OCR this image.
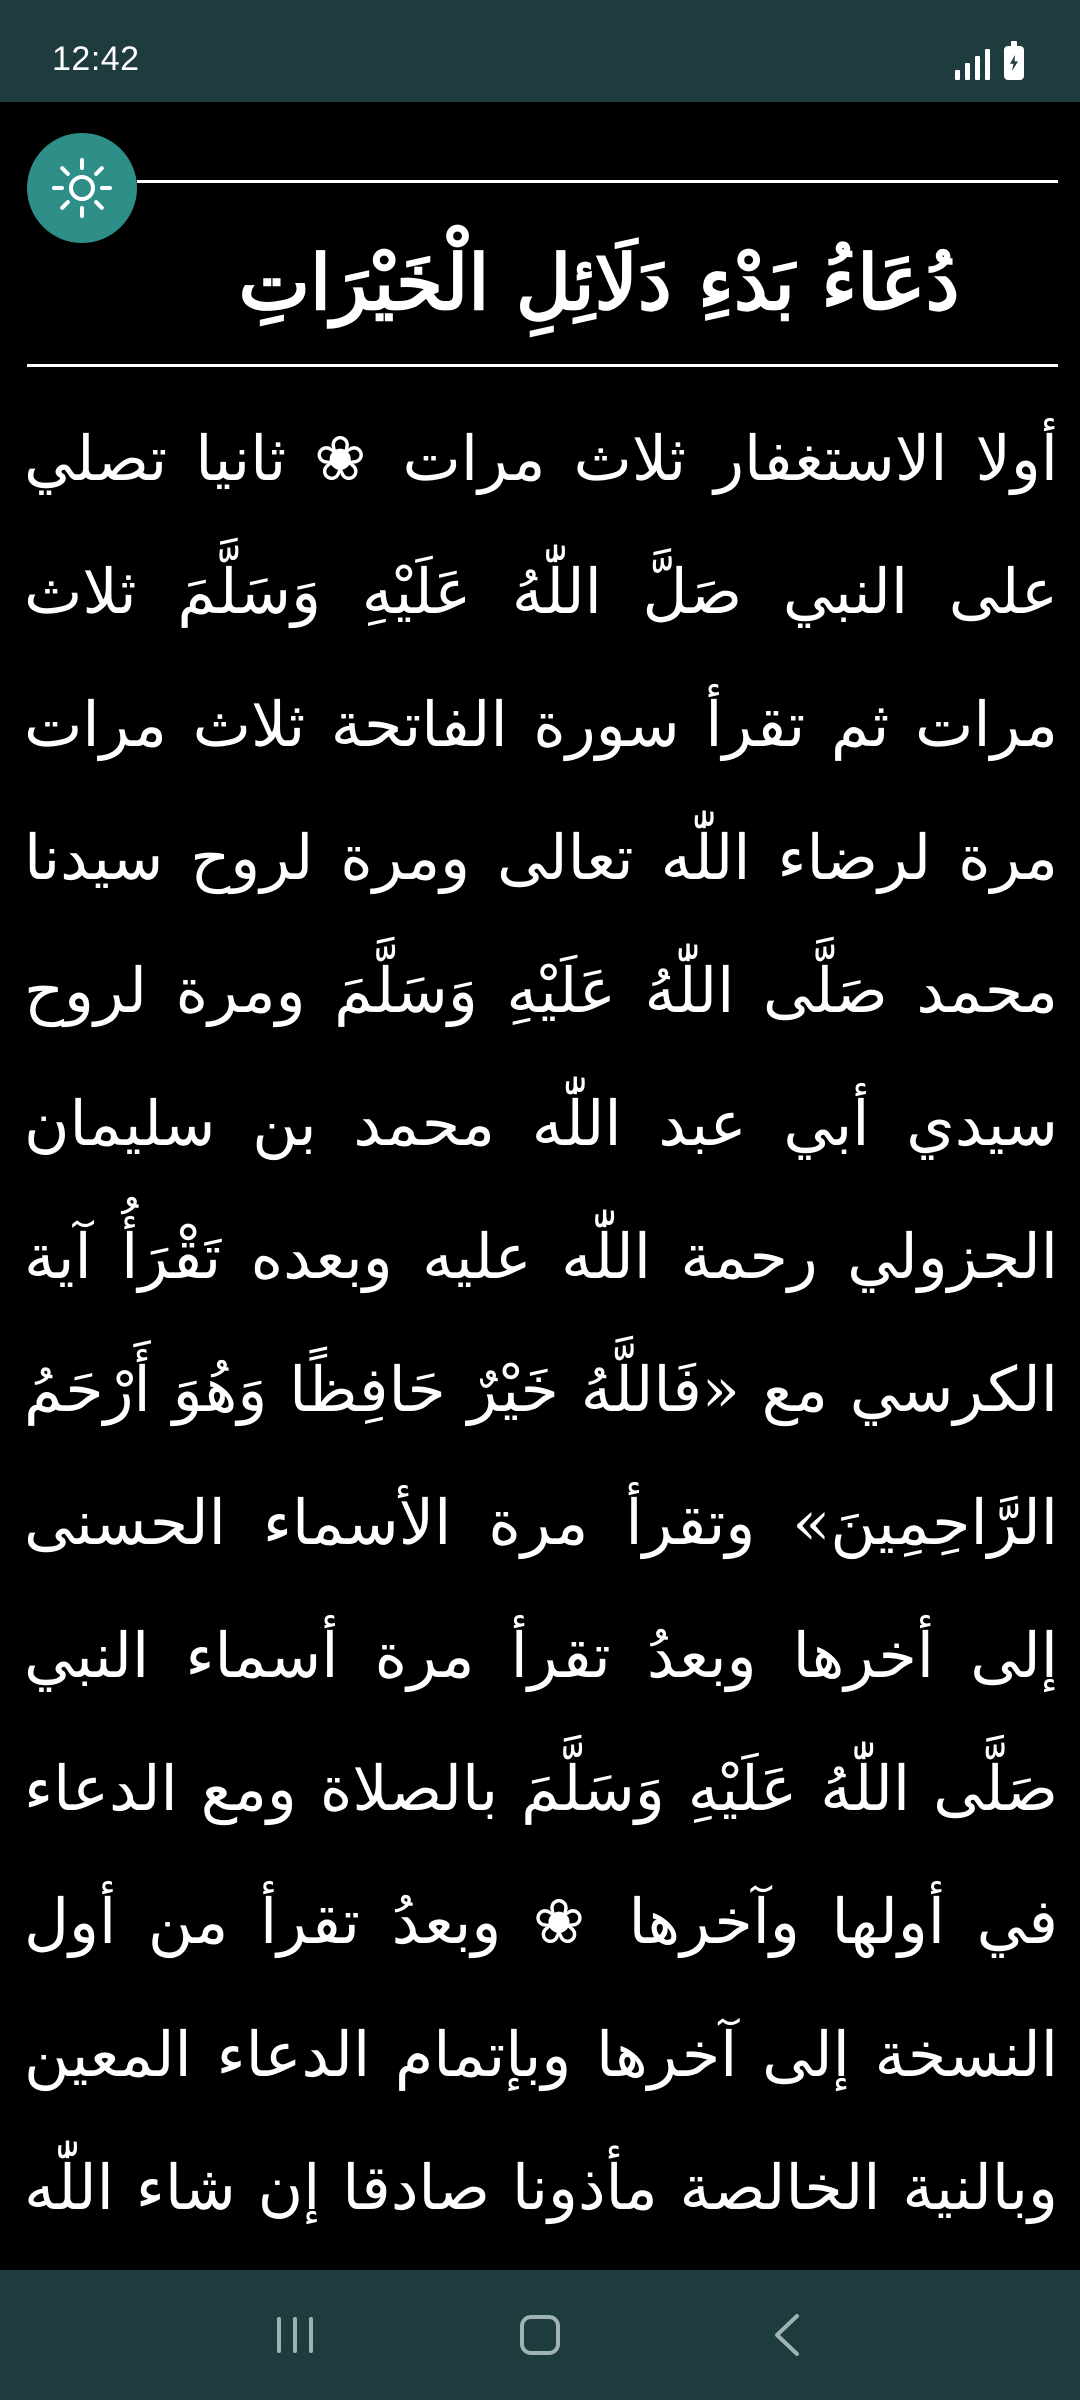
12:42
دُعَاءُ بَدْءِ دَلَائِلِ الْخَيْرَاتِ

أولا الاستغفار ثلاث مرات ❀ ثانيا تصلي على النبي صَلَّ اللّٰهُ عَلَيْهِ وَسَلَّمَ ثلاث مرات ثم تقرأ سورة الفاتحة ثلاث مرات مرة لرضاء اللّٰه تعالى ومرة لروح سيدنا محمد صَلَّى اللّٰهُ عَلَيْهِ وَسَلَّمَ ومرة لروح سيدي أبي عبد اللّٰه محمد بن سليمان الجزولي رحمة اللّٰه عليه وبعده تَقْرَأُ آية الكرسي مع «فَاللَّهُ خَيْرٌ حَافِظًا وَهُوَ أَرْحَمُ الرَّاحِمِينَ» وتقرأ مرة الأسماء الحسنى إلى أخرها وبعدُ تقرأ مرة أسماء النبي صَلَّى اللّٰهُ عَلَيْهِ وَسَلَّمَ بالصلاة ومع الدعاء في أولها وآخرها ❀ وبعدُ تقرأ من أول النسخة إلى آخرها وبإتمام الدعاء المعين وبالنية الخالصة مأذونا صادقا إن شاء اللّٰه
